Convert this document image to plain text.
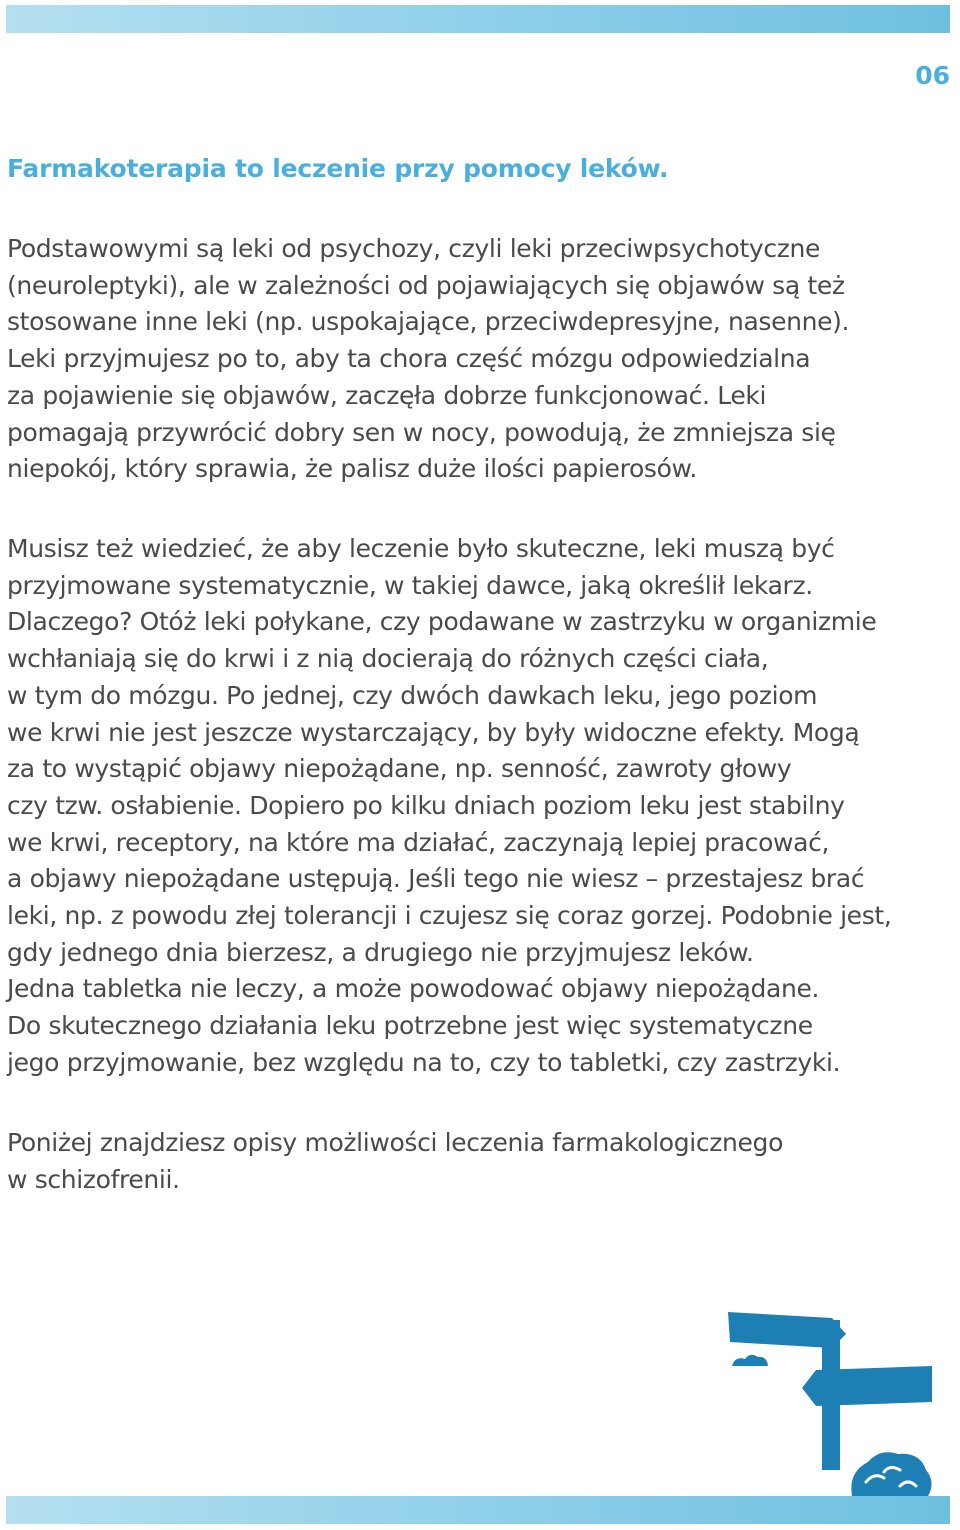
06
Farmakoterapia to leczenie przy pomocy leków.

Podstawowymi są leki od psychozy, czyli leki przeciwpsychotyczne
(neuroleptyki), ale w zależności od pojawiających się objawów są też
stosowane inne leki (np. uspokajające, przeciwdepresyjne, nasenne).
Leki przyjmujesz po to, aby ta chora część mózgu odpowiedzialna
za pojawienie się objawów, zaczęła dobrze funkcjonować. Leki
pomagają przywrócić dobry sen w nocy, powodują, że zmniejsza się
niepokój, który sprawia, że palisz duże ilości papierosów.

Musisz też wiedzieć, że aby leczenie było skuteczne, leki muszą być
przyjmowane systematycznie, w takiej dawce, jaką określił lekarz.
Dlaczego? Otóż leki połykane, czy podawane w zastrzyku w organizmie
wchłaniają się do krwi i z nią docierają do różnych części ciała,
w tym do mózgu. Po jednej, czy dwóch dawkach leku, jego poziom
we krwi nie jest jeszcze wystarczający, by były widoczne efekty. Mogą
za to wystąpić objawy niepożądane, np. senność, zawroty głowy
czy tzw. osłabienie. Dopiero po kilku dniach poziom leku jest stabilny
we krwi, receptory, na które ma działać, zaczynają lepiej pracować,
a objawy niepożądane ustępują. Jeśli tego nie wiesz – przestajesz brać
leki, np. z powodu złej tolerancji i czujesz się coraz gorzej. Podobnie jest,
gdy jednego dnia bierzesz, a drugiego nie przyjmujesz leków.
Jedna tabletka nie leczy, a może powodować objawy niepożądane.
Do skutecznego działania leku potrzebne jest więc systematyczne
jego przyjmowanie, bez względu na to, czy to tabletki, czy zastrzyki.

Poniżej znajdziesz opisy możliwości leczenia farmakologicznego
w schizofrenii.
